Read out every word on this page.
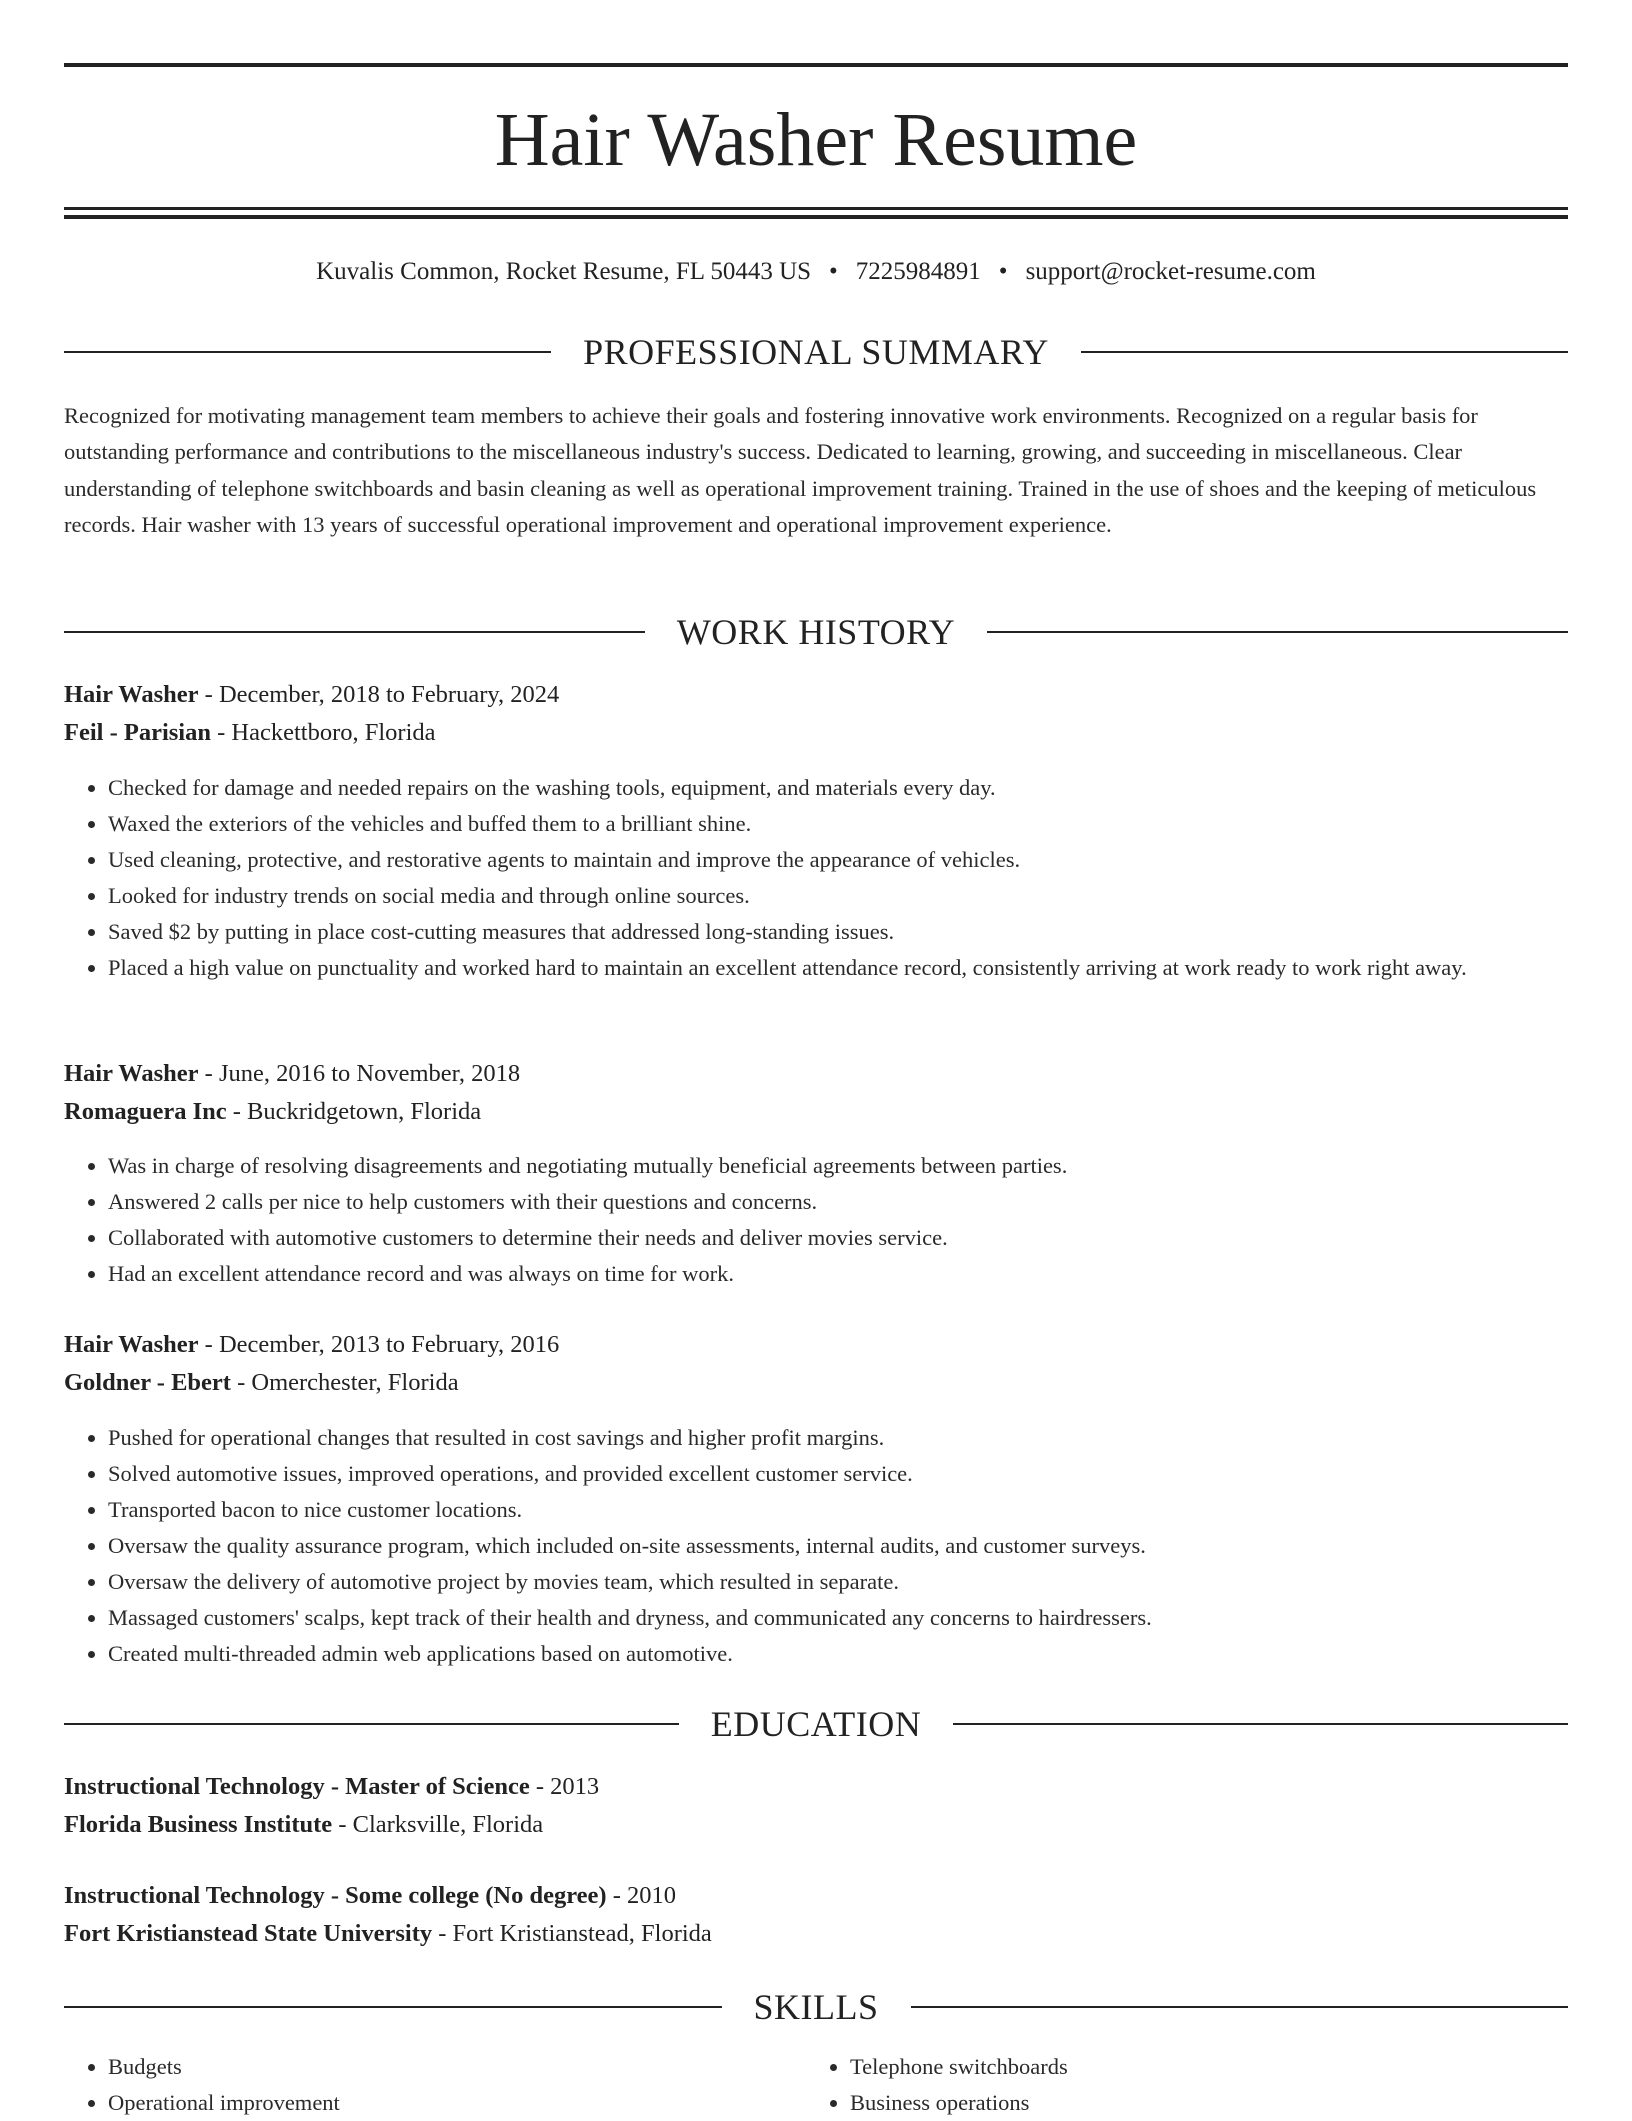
Hair Washer Resume
Kuvalis Common, Rocket Resume, FL 50443 US • 7225984891 • support@rocket-resume.com
PROFESSIONAL SUMMARY

Recognized for motivating management team members to achieve their goals and fostering innovative work environments. Recognized on a regular basis for outstanding performance and contributions to the miscellaneous industry's success. Dedicated to learning, growing, and succeeding in miscellaneous. Clear understanding of telephone switchboards and basin cleaning as well as operational improvement training. Trained in the use of shoes and the keeping of meticulous records. Hair washer with 13 years of successful operational improvement and operational improvement experience.

WORK HISTORY

Hair Washer - December, 2018 to February, 2024

Feil - Parisian - Hackettboro, Florida

• Checked for damage and needed repairs on the washing tools, equipment, and materials every day.
• Waxed the exteriors of the vehicles and buffed them to a brilliant shine.
• Used cleaning, protective, and restorative agents to maintain and improve the appearance of vehicles.
• Looked for industry trends on social media and through online sources.
• Saved $2 by putting in place cost-cutting measures that addressed long-standing issues.
• Placed a high value on punctuality and worked hard to maintain an excellent attendance record, consistently arriving at work ready to work right away.

Hair Washer - June, 2016 to November, 2018

Romaguera Inc - Buckridgetown, Florida

• Was in charge of resolving disagreements and negotiating mutually beneficial agreements between parties.
• Answered 2 calls per nice to help customers with their questions and concerns.
• Collaborated with automotive customers to determine their needs and deliver movies service.
• Had an excellent attendance record and was always on time for work.

Hair Washer - December, 2013 to February, 2016

Goldner - Ebert - Omerchester, Florida

• Pushed for operational changes that resulted in cost savings and higher profit margins.
• Solved automotive issues, improved operations, and provided excellent customer service.
• Transported bacon to nice customer locations.
• Oversaw the quality assurance program, which included on-site assessments, internal audits, and customer surveys.
• Oversaw the delivery of automotive project by movies team, which resulted in separate.
• Massaged customers' scalps, kept track of their health and dryness, and communicated any concerns to hairdressers.
• Created multi-threaded admin web applications based on automotive.
EDUCATION

Instructional Technology - Master of Science - 2013

Florida Business Institute - Clarksville, Florida

Instructional Technology - Some college (No degree) - 2010

Fort Kristianstead State University - Fort Kristianstead, Florida

SKILLS
• Budgets
• Operational improvement
• Telephone switchboards
• Business operations
